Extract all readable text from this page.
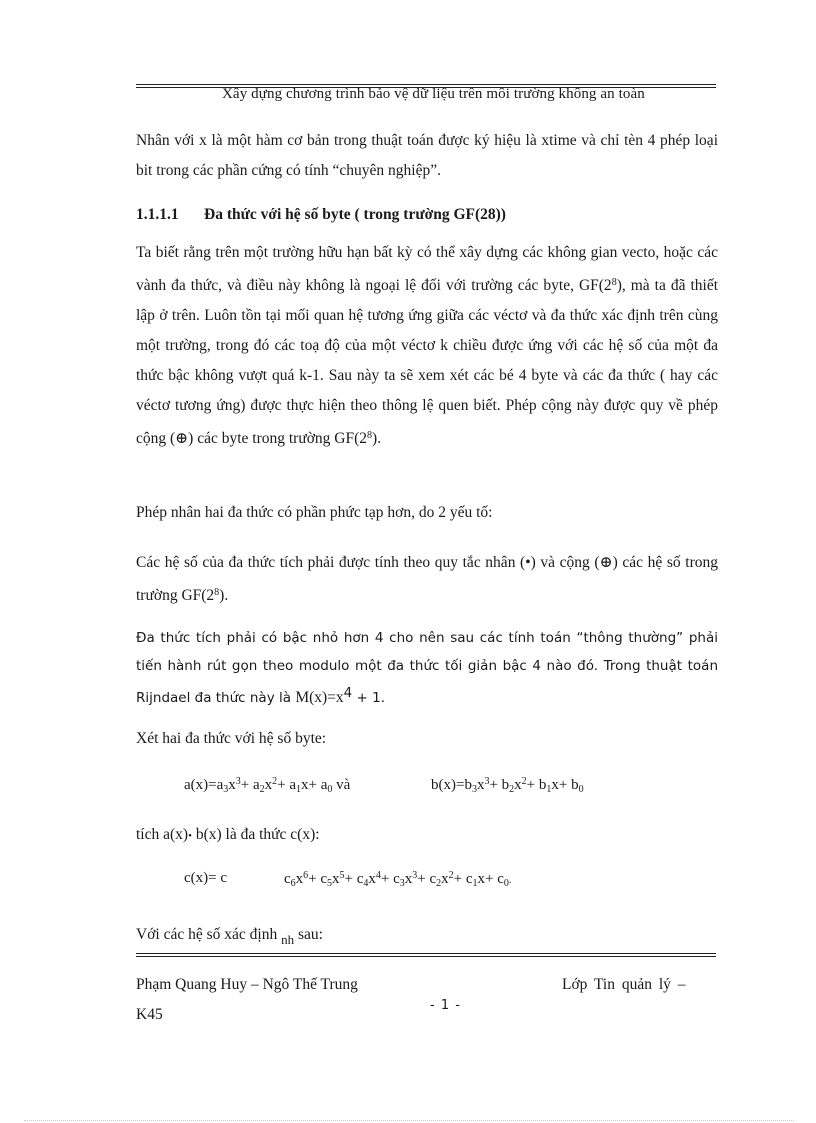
Xây dựng chương trình bảo vệ dữ liệu trên môi trường không an toàn
Nhân với x là một hàm cơ bản trong thuật toán được ký hiệu là xtime và chỉ tèn 4 phép loại bit trong các phần cứng có tính “chuyên nghiệp”.
1.1.1.1 Đa thức với hệ số byte ( trong trường GF(28))
Ta biết rằng trên một trường hữu hạn bất kỳ có thể xây dựng các không gian vecto, hoặc các vành đa thức, và điều này không là ngoại lệ đối với trường các byte, $GF(2^8)$, mà ta đã thiết lập ở trên. Luôn tồn tại mối quan hệ tương ứng giữa các véctơ và đa thức xác định trên cùng một trường, trong đó các toạ độ của một véctơ k chiều được ứng với các hệ số của một đa thức bậc không vượt quá k-1. Sau này ta sẽ xem xét các bé 4 byte và các đa thức ( hay các véctơ tương ứng) được thực hiện theo thông lệ quen biết. Phép cộng này được quy về phép cộng (⊕) các byte trong trường $GF(2^8)$.
Phép nhân hai đa thức có phần phức tạp hơn, do 2 yếu tố:
Các hệ số của đa thức tích phải được tính theo quy tắc nhân (•) và cộng (⊕) các hệ số trong trường $GF(2^8)$.
Đa thức tích phải có bậc nhỏ hơn 4 cho nên sau các tính toán “thông thường” phải tiến hành rút gọn theo modulo một đa thức tối giản bậc 4 nào đó. Trong thuật toán Rijndael đa thức này là $M(x)=x^4 + 1$.
Xét hai đa thức với hệ số byte:
$a(x)=a_3x^3+ a_2x^2+ a_1x+ a_0$ và	$b(x)=b_3x^3+ b_2x^2+ b_1x+ b_0$
tích a(x)• b(x) là đa thức c(x):
c(x)= c	$c_6x^6+ c_5x^5+ c_4x^4+ c_3x^3+ c_2x^2+ c_1x+ c_0$.
Với các hệ số xác định $_{nh}$ sau:
Phạm Quang Huy – Ngô Thế Trung	Lớp Tin quản lý –
- 1 -
K45
